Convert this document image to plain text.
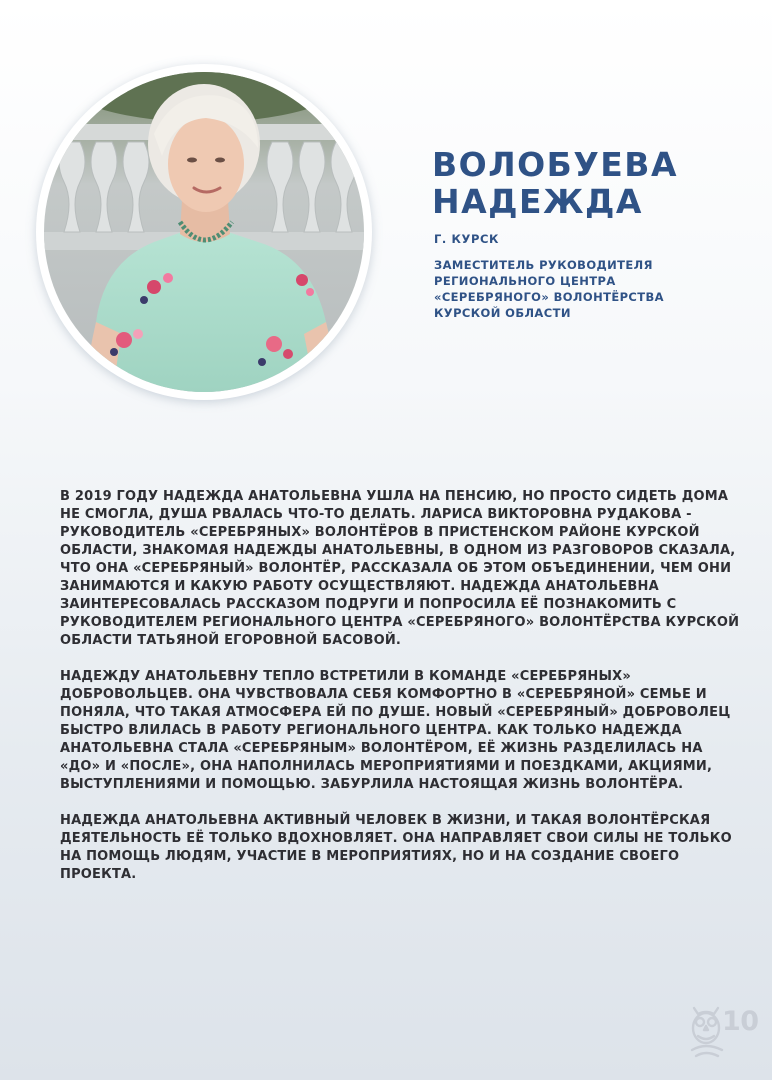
ВОЛОБУЕВА
НАДЕЖДА
Г. КУРСК
ЗАМЕСТИТЕЛЬ РУКОВОДИТЕЛЯ
РЕГИОНАЛЬНОГО ЦЕНТРА
«СЕРЕБРЯНОГО» ВОЛОНТЁРСТВА
КУРСКОЙ ОБЛАСТИ

В 2019 ГОДУ НАДЕЖДА АНАТОЛЬЕВНА УШЛА НА ПЕНСИЮ, НО ПРОСТО СИДЕТЬ ДОМА НЕ СМОГЛА, ДУША РВАЛАСЬ ЧТО-ТО ДЕЛАТЬ. ЛАРИСА ВИКТОРОВНА РУДАКОВА - РУКОВОДИТЕЛЬ «СЕРЕБРЯНЫХ» ВОЛОНТЁРОВ В ПРИСТЕНСКОМ РАЙОНЕ КУРСКОЙ ОБЛАСТИ, ЗНАКОМАЯ НАДЕЖДЫ АНАТОЛЬЕВНЫ, В ОДНОМ ИЗ РАЗГОВОРОВ СКАЗАЛА, ЧТО ОНА «СЕРЕБРЯНЫЙ» ВОЛОНТЁР, РАССКАЗАЛА ОБ ЭТОМ ОБЪЕДИНЕНИИ, ЧЕМ ОНИ ЗАНИМАЮТСЯ И КАКУЮ РАБОТУ ОСУЩЕСТВЛЯЮТ. НАДЕЖДА АНАТОЛЬЕВНА ЗАИНТЕРЕСОВАЛАСЬ РАССКАЗОМ ПОДРУГИ И ПОПРОСИЛА ЕЁ ПОЗНАКОМИТЬ С РУКОВОДИТЕЛЕМ РЕГИОНАЛЬНОГО ЦЕНТРА «СЕРЕБРЯНОГО» ВОЛОНТЁРСТВА КУРСКОЙ ОБЛАСТИ ТАТЬЯНОЙ ЕГОРОВНОЙ БАСОВОЙ.

НАДЕЖДУ АНАТОЛЬЕВНУ ТЕПЛО ВСТРЕТИЛИ В КОМАНДЕ «СЕРЕБРЯНЫХ» ДОБРОВОЛЬЦЕВ. ОНА ЧУВСТВОВАЛА СЕБЯ КОМФОРТНО В «СЕРЕБРЯНОЙ» СЕМЬЕ И ПОНЯЛА, ЧТО ТАКАЯ АТМОСФЕРА ЕЙ ПО ДУШЕ. НОВЫЙ «СЕРЕБРЯНЫЙ» ДОБРОВОЛЕЦ БЫСТРО ВЛИЛАСЬ В РАБОТУ РЕГИОНАЛЬНОГО ЦЕНТРА. КАК ТОЛЬКО НАДЕЖДА АНАТОЛЬЕВНА СТАЛА «СЕРЕБРЯНЫМ» ВОЛОНТЁРОМ, ЕЁ ЖИЗНЬ РАЗДЕЛИЛАСЬ НА «ДО» И «ПОСЛЕ», ОНА НАПОЛНИЛАСЬ МЕРОПРИЯТИЯМИ И ПОЕЗДКАМИ, АКЦИЯМИ, ВЫСТУПЛЕНИЯМИ И ПОМОЩЬЮ. ЗАБУРЛИЛА НАСТОЯЩАЯ ЖИЗНЬ ВОЛОНТЁРА.

НАДЕЖДА АНАТОЛЬЕВНА АКТИВНЫЙ ЧЕЛОВЕК В ЖИЗНИ, И ТАКАЯ ВОЛОНТЁРСКАЯ ДЕЯТЕЛЬНОСТЬ ЕЁ ТОЛЬКО ВДОХНОВЛЯЕТ. ОНА НАПРАВЛЯЕТ СВОИ СИЛЫ НЕ ТОЛЬКО НА ПОМОЩЬ ЛЮДЯМ, УЧАСТИЕ В МЕРОПРИЯТИЯХ, НО И НА СОЗДАНИЕ СВОЕГО ПРОЕКТА.

10
